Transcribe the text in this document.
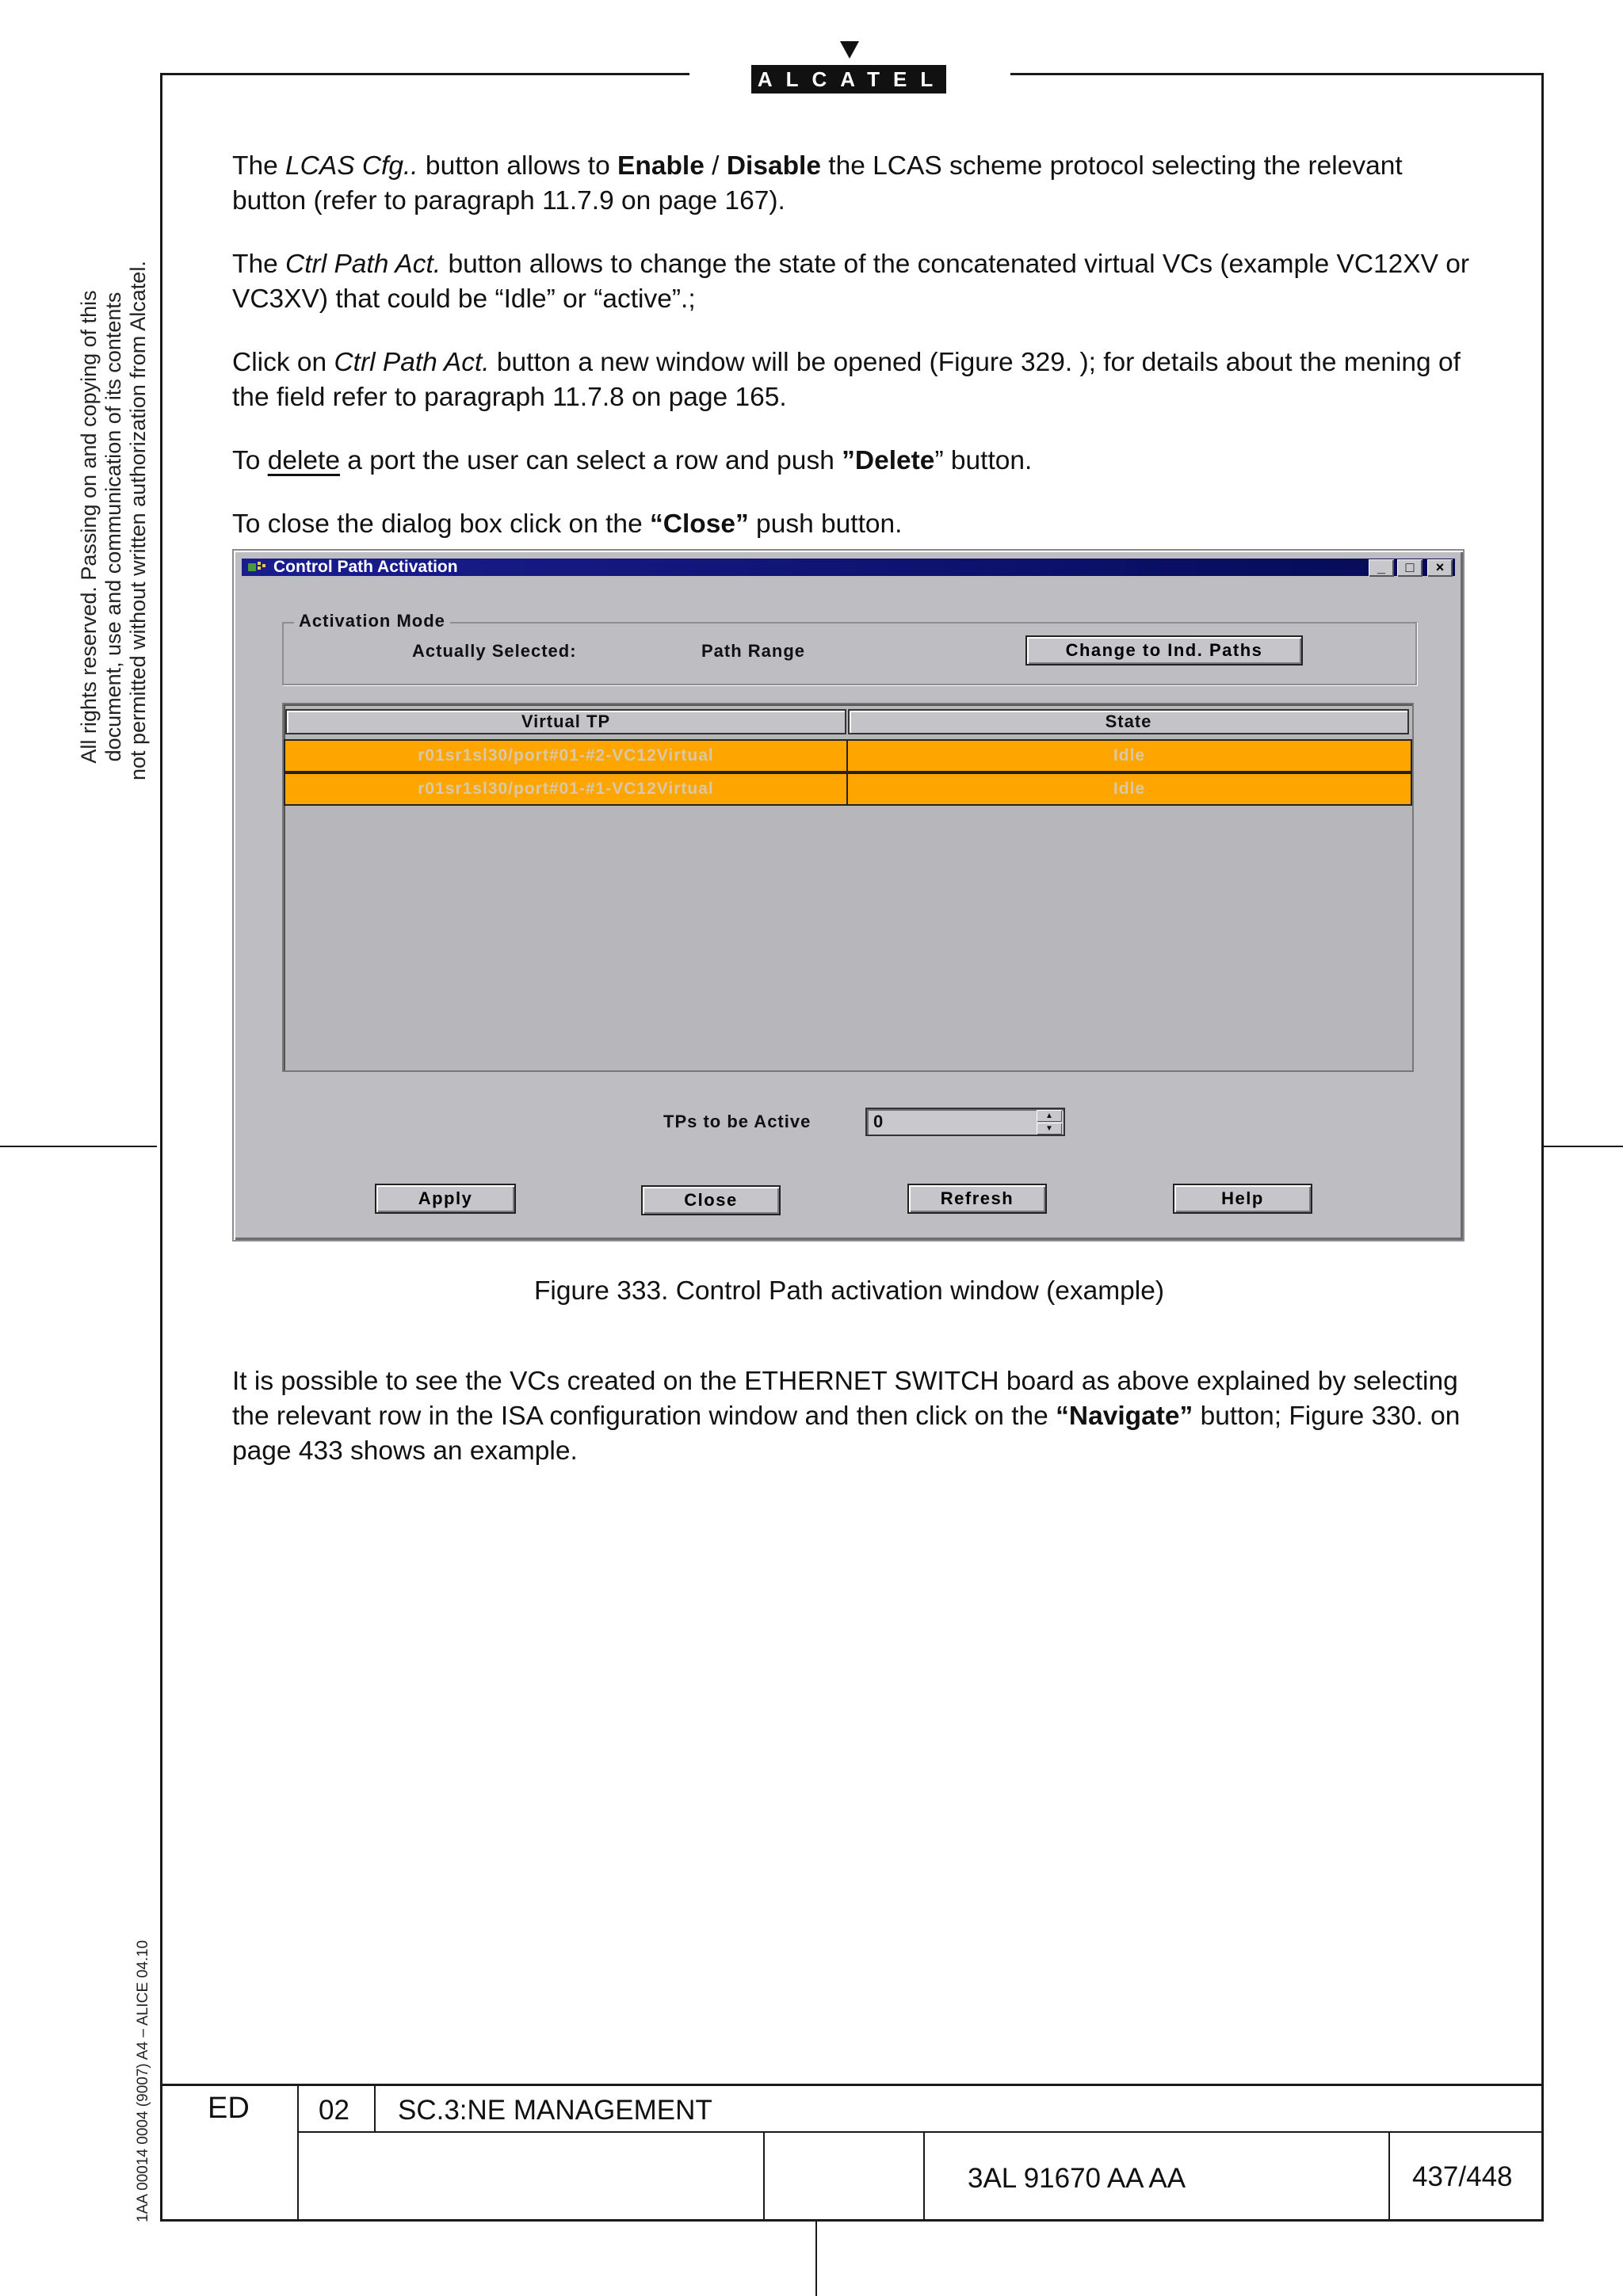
ALCATEL
All rights reserved. Passing on and copying of this document, use and communication of its contents not permitted without written authorization from Alcatel.
1AA 00014 0004 (9007) A4 – ALICE 04.10
The LCAS Cfg.. button allows to Enable / Disable the LCAS scheme protocol selecting the relevant button (refer to paragraph 11.7.9 on page 167).
The Ctrl Path Act. button allows to change the state of the concatenated virtual VCs (example VC12XV or VC3XV) that could be “Idle” or “active”.;
Click on Ctrl Path Act. button a new window will be opened (Figure 329. ); for details about the mening of the field refer to paragraph 11.7.8 on page 165.
To delete a port the user can select a row and push ”Delete” button.
To close the dialog box click on the “Close” push button.
Control Path Activation	_	□	×
Activation Mode
Actually Selected:	Path Range	Change to Ind. Paths
Virtual TP	State
r01sr1sl30/port#01-#2-VC12Virtual	Idle
r01sr1sl30/port#01-#1-VC12Virtual	Idle
TPs to be Active	0	▲
▼
Apply	Close	Refresh	Help
Figure 333. Control Path activation window (example)
It is possible to see the VCs created on the ETHERNET SWITCH board as above explained by selecting the relevant row in the ISA configuration window and then click on the “Navigate” button; Figure 330. on page 433 shows an example.
ED 02 SC.3:NE MANAGEMENT
3AL 91670 AA AA	437/448
